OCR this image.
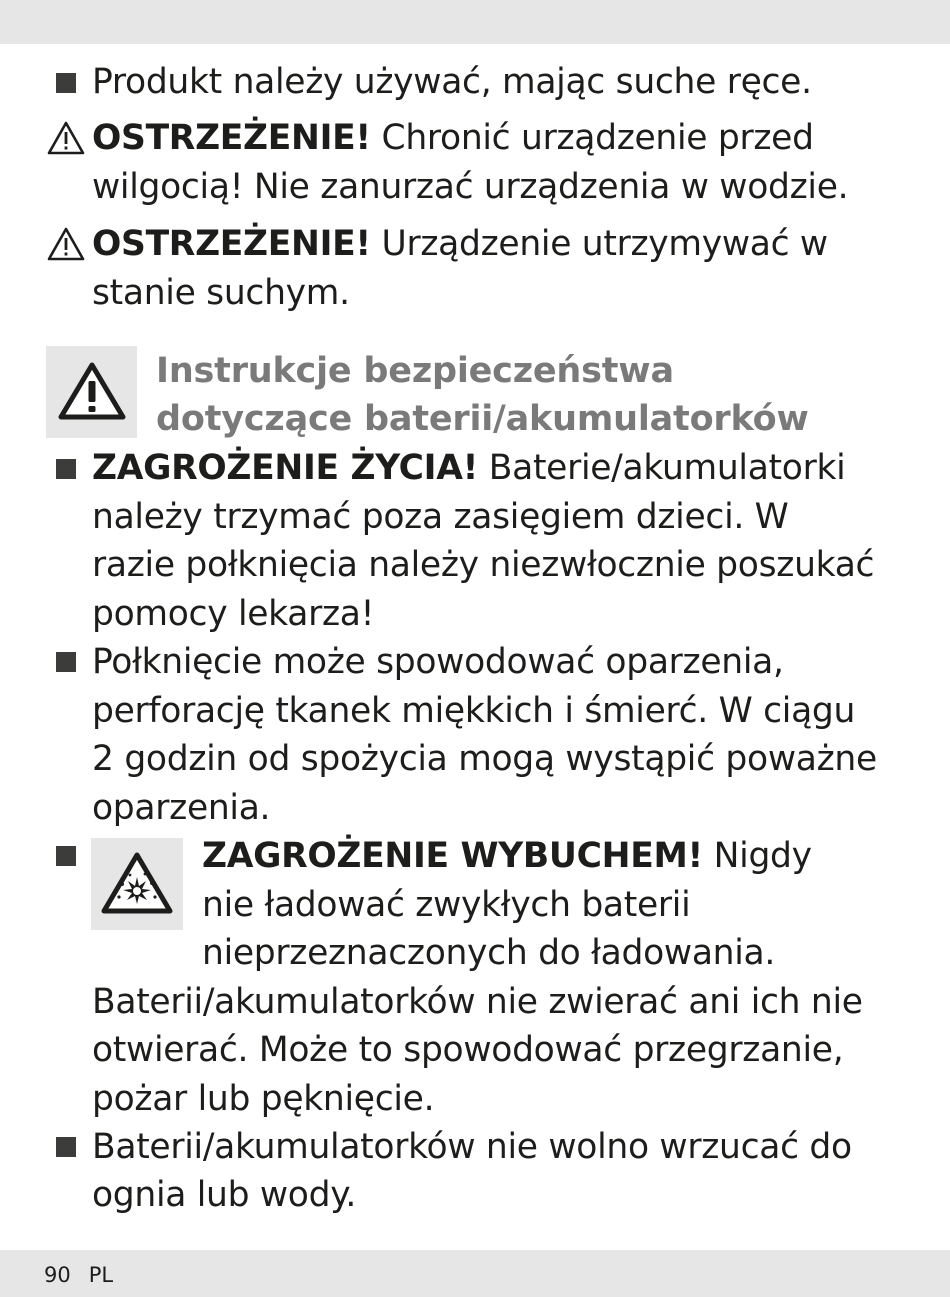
Produkt należy używać, mając suche ręce.
OSTRZEŻENIE! Chronić urządzenie przed
wilgocią! Nie zanurzać urządzenia w wodzie.
OSTRZEŻENIE! Urządzenie utrzymywać w
stanie suchym.
Instrukcje bezpieczeństwa
dotyczące baterii/akumulatorków
ZAGROŻENIE ŻYCIA! Baterie/akumulatorki
należy trzymać poza zasięgiem dzieci. W
razie połknięcia należy niezwłocznie poszukać
pomocy lekarza!
Połknięcie może spowodować oparzenia,
perforację tkanek miękkich i śmierć. W ciągu
2 godzin od spożycia mogą wystąpić poważne
oparzenia.
ZAGROŻENIE WYBUCHEM! Nigdy
nie ładować zwykłych baterii
nieprzeznaczonych do ładowania.
Baterii/akumulatorków nie zwierać ani ich nie
otwierać. Może to spowodować przegrzanie,
pożar lub pęknięcie.
Baterii/akumulatorków nie wolno wrzucać do
ognia lub wody.
90 PL
